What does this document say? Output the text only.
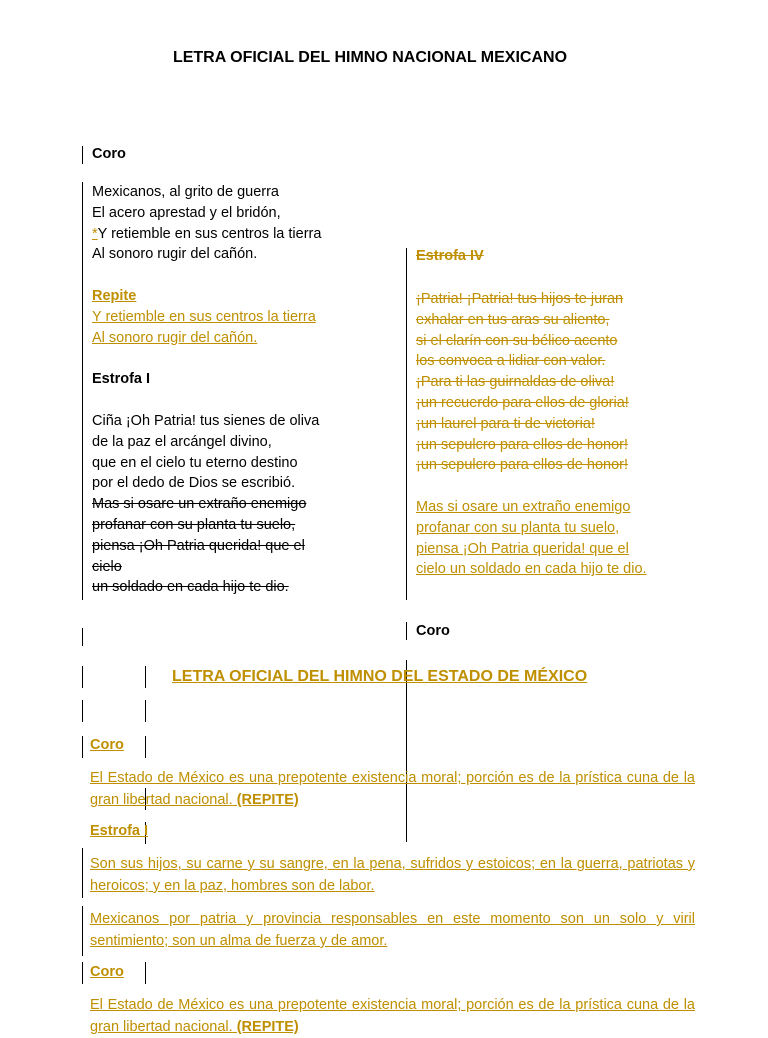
LETRA OFICIAL DEL HIMNO NACIONAL MEXICANO
Coro

Mexicanos, al grito de guerra

El acero aprestad y el bridón,

*Y retiemble en sus centros la tierra

Al sonoro rugir del cañón.

Repite

Y retiemble en sus centros la tierra

Al sonoro rugir del cañón.

Estrofa I

Ciña ¡Oh Patria! tus sienes de oliva

de la paz el arcángel divino,

que en el cielo tu eterno destino

por el dedo de Dios se escribió.

Mas si osare un extraño enemigo

profanar con su planta tu suelo,

piensa ¡Oh Patria querida! que el

cielo

un soldado en cada hijo te dio.

Estrofa IV

¡Patria! ¡Patria! tus hijos te juran

exhalar en tus aras su aliento,

si el clarín con su bélico acento

los convoca a lidiar con valor.

¡Para ti las guirnaldas de oliva!

¡un recuerdo para ellos de gloria!

¡un laurel para ti de victoria!

¡un sepulcro para ellos de honor!

¡un sepulcro para ellos de honor!

Mas si osare un extraño enemigo

profanar con su planta tu suelo,

piensa ¡Oh Patria querida! que el

cielo un soldado en cada hijo te dio.

Coro
LETRA OFICIAL DEL HIMNO DEL ESTADO DE MÉXICO
Coro
El Estado de México es una prepotente existencia moral; porción es de la prística cuna de la gran libertad nacional. (REPITE)
Estrofa I
Son sus hijos, su carne y su sangre, en la pena, sufridos y estoicos; en la guerra, patriotas y heroicos; y en la paz, hombres son de labor.
Mexicanos por patria y provincia responsables en este momento son un solo y viril sentimiento; son un alma de fuerza y de amor.
Coro
El Estado de México es una prepotente existencia moral; porción es de la prística cuna de la gran libertad nacional. (REPITE)
